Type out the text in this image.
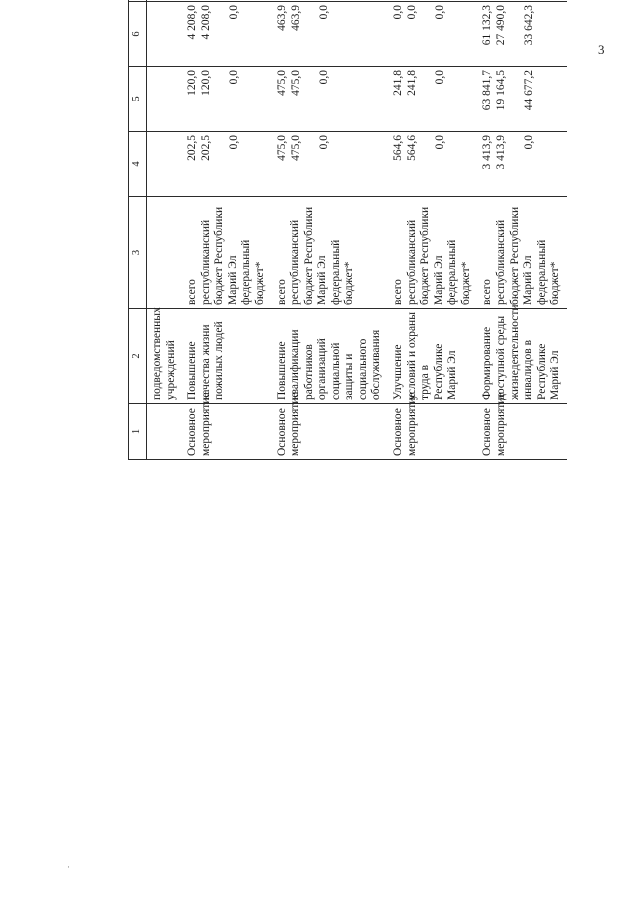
3
1	2	3	4	5	6					
	подведомственных учреждений									
Основное мероприятие	Повышение качества жизни пожилых людей	всего республиканский бюджет Республики Марий Эл федеральный бюджет*	202,5 202,5 0,0	120,0 120,0 0,0	4 208,0 4 208,0 0,0

Основное мероприятие	Повышение квалификации работников организаций социальной защиты и социального обслуживания	всего республиканский бюджет Республики Марий Эл федеральный бюджет*	475,0 475,0 0,0	475,0 475,0 0,0	463,9 463,9 0,0

Основное мероприятие	Улучшение условий и охраны труда в Республике Марий Эл	всего республиканский бюджет Республики Марий Эл федеральный бюджет*	564,6 564,6 0,0	241,8 241,8 0,0	0,0 0,0 0,0

Основное мероприятие	Формирование доступной среды жизнедеятельности инвалидов в Республике Марий Эл	всего республиканский бюджет Республики Марий Эл федеральный бюджет*	3 413,9 3 413,9 0,0	63 841,7 19 164,5 44 677,2	61 132,3 27 490,0 33 642,3

·
